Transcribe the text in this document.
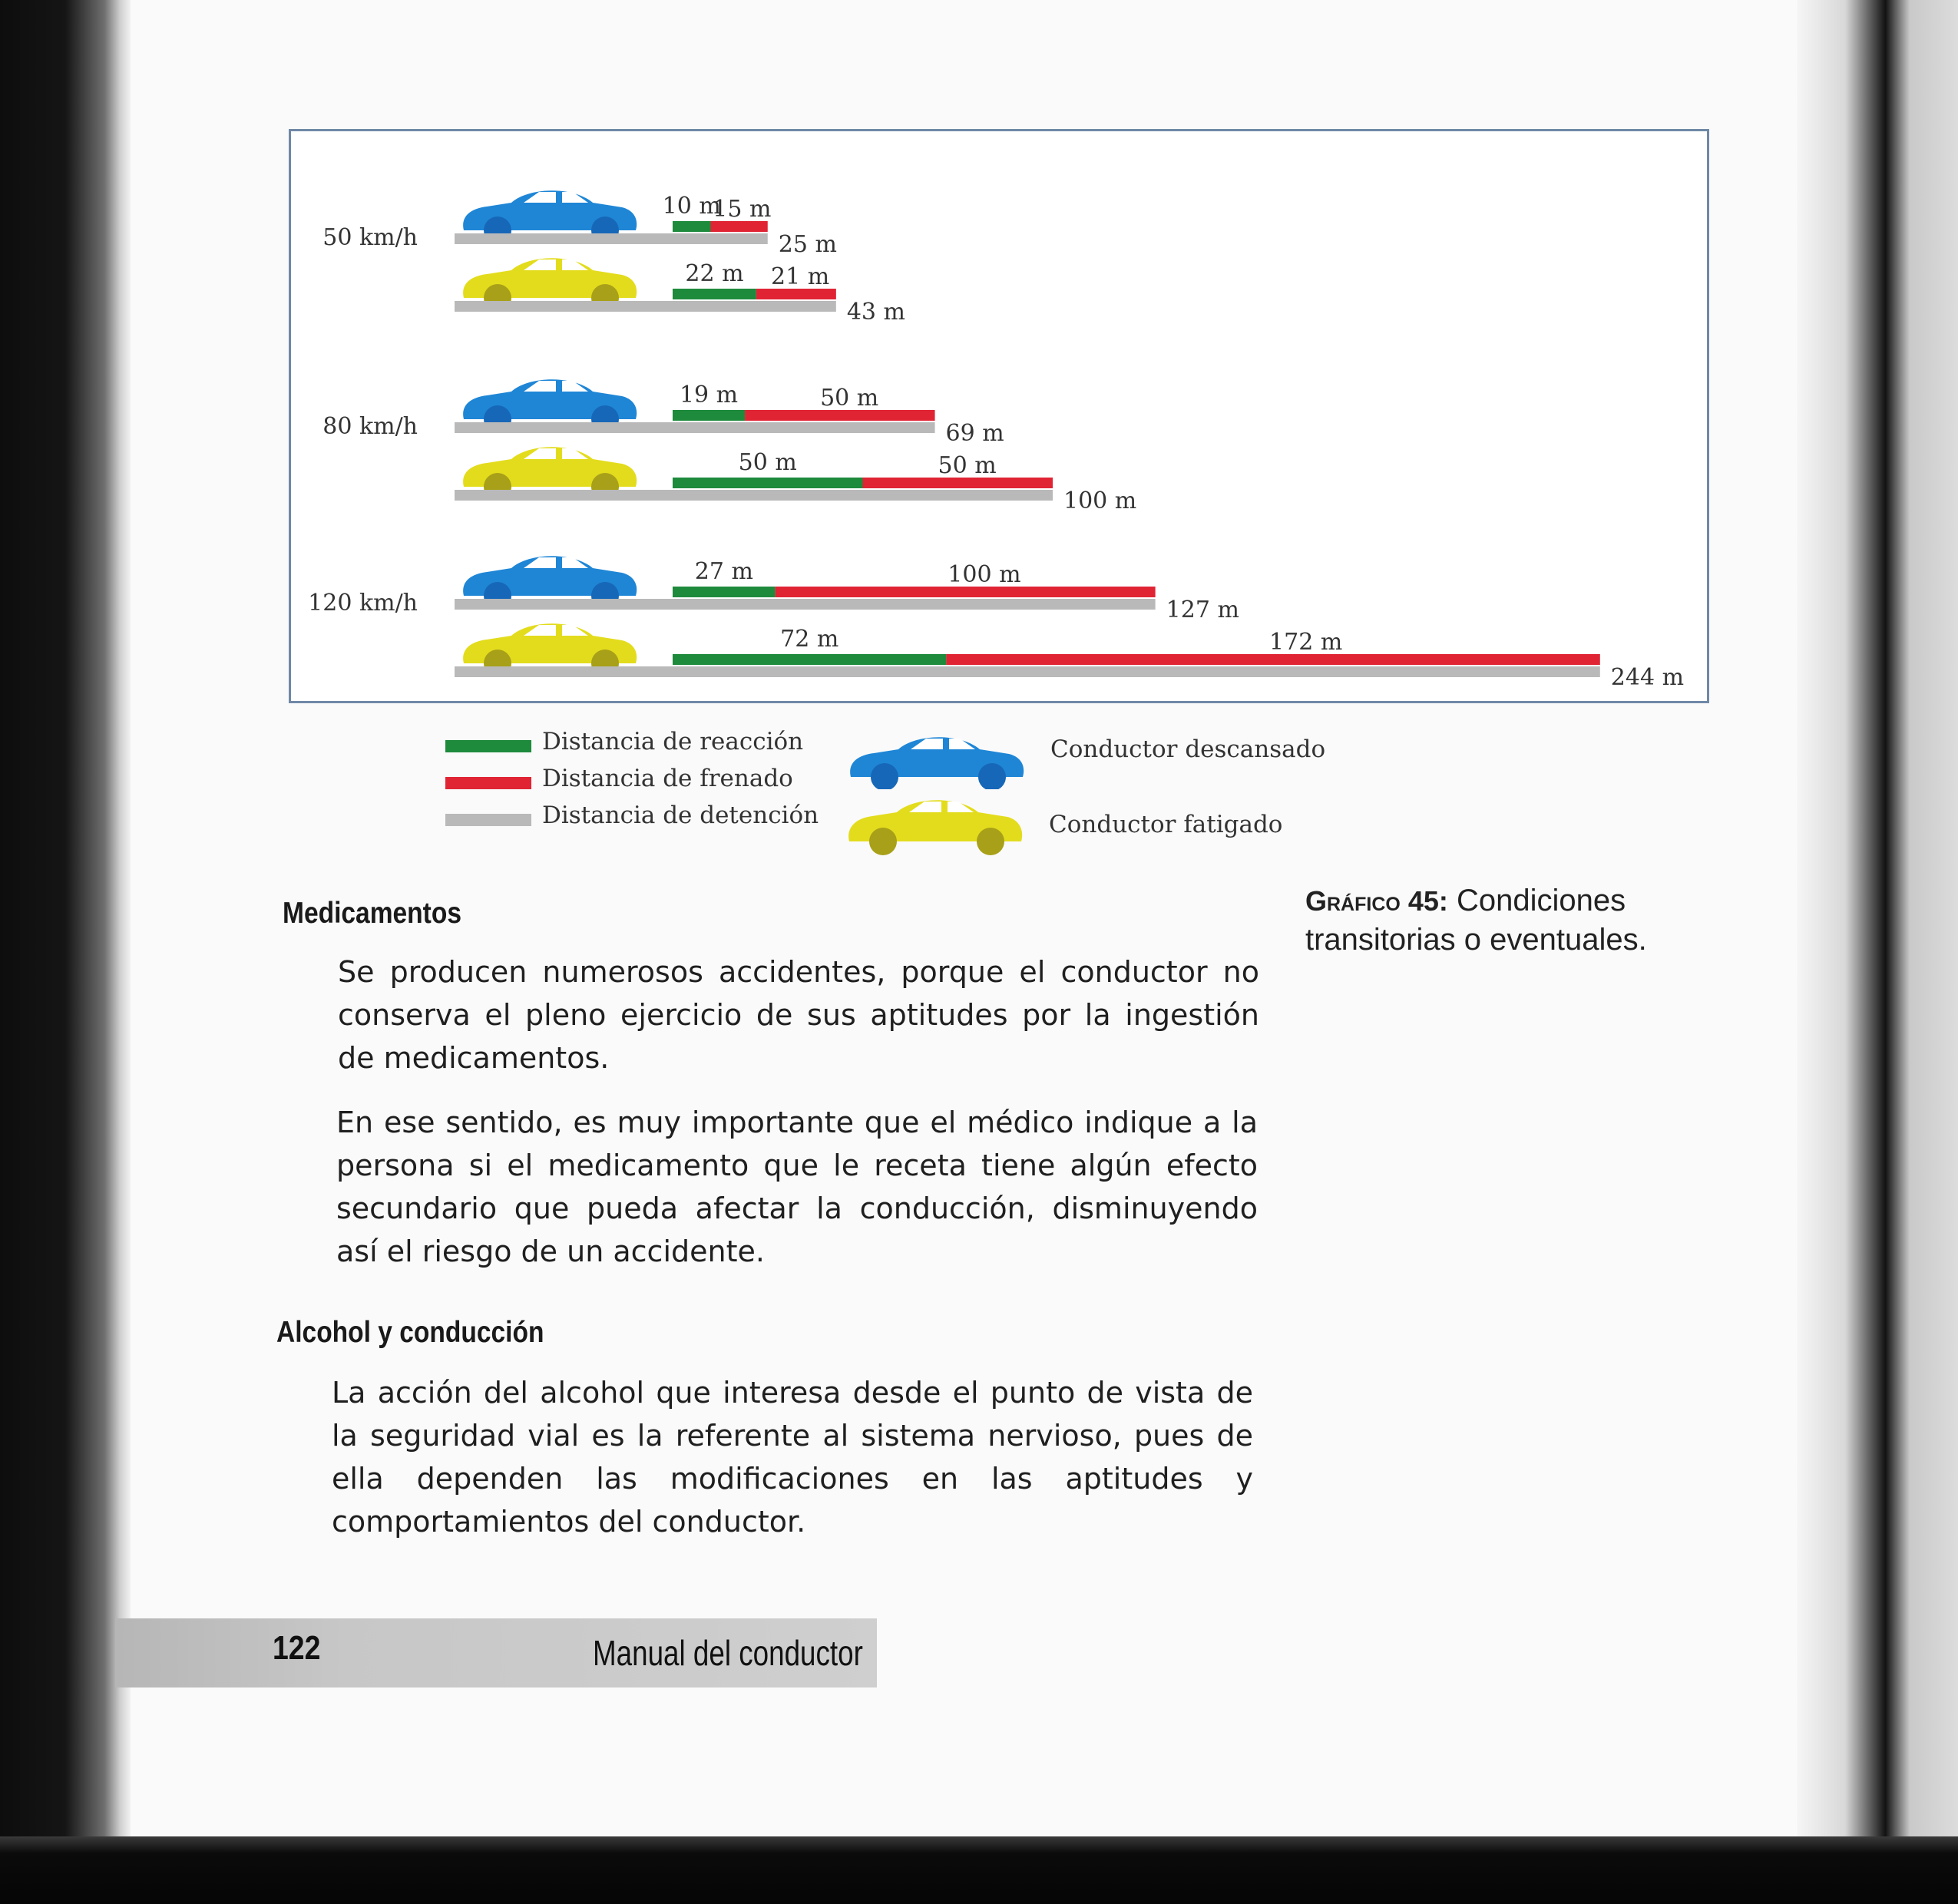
50 km/h
10 m
15 m
25 m
22 m 21 m
43 m
80 km/h
19 m	50 m
69 m
50 m	50 m
100 m
120 km/h
27 m	100 m
127 m
72 m	172 m
244 m
Distancia de reacción
Distancia de frenado
Distancia de detención
Conductor descansado
Conductor fatigado
Gráfico 45: Condiciones transitorias o eventuales.
Medicamentos
Se producen numerosos accidentes, porque el conductor no conserva el pleno ejercicio de sus aptitudes por la ingestión de medicamentos.
En ese sentido, es muy importante que el médico indique a la persona si el medicamento que le receta tiene algún efecto secundario que pueda afectar la conducción, disminuyendo así el riesgo de un accidente.
Alcohol y conducción
La acción del alcohol que interesa desde el punto de vista de la seguridad vial es la referente al sistema nervioso, pues de ella dependen las modificaciones en las aptitudes y comportamientos del conductor.
122	Manual del conductor
